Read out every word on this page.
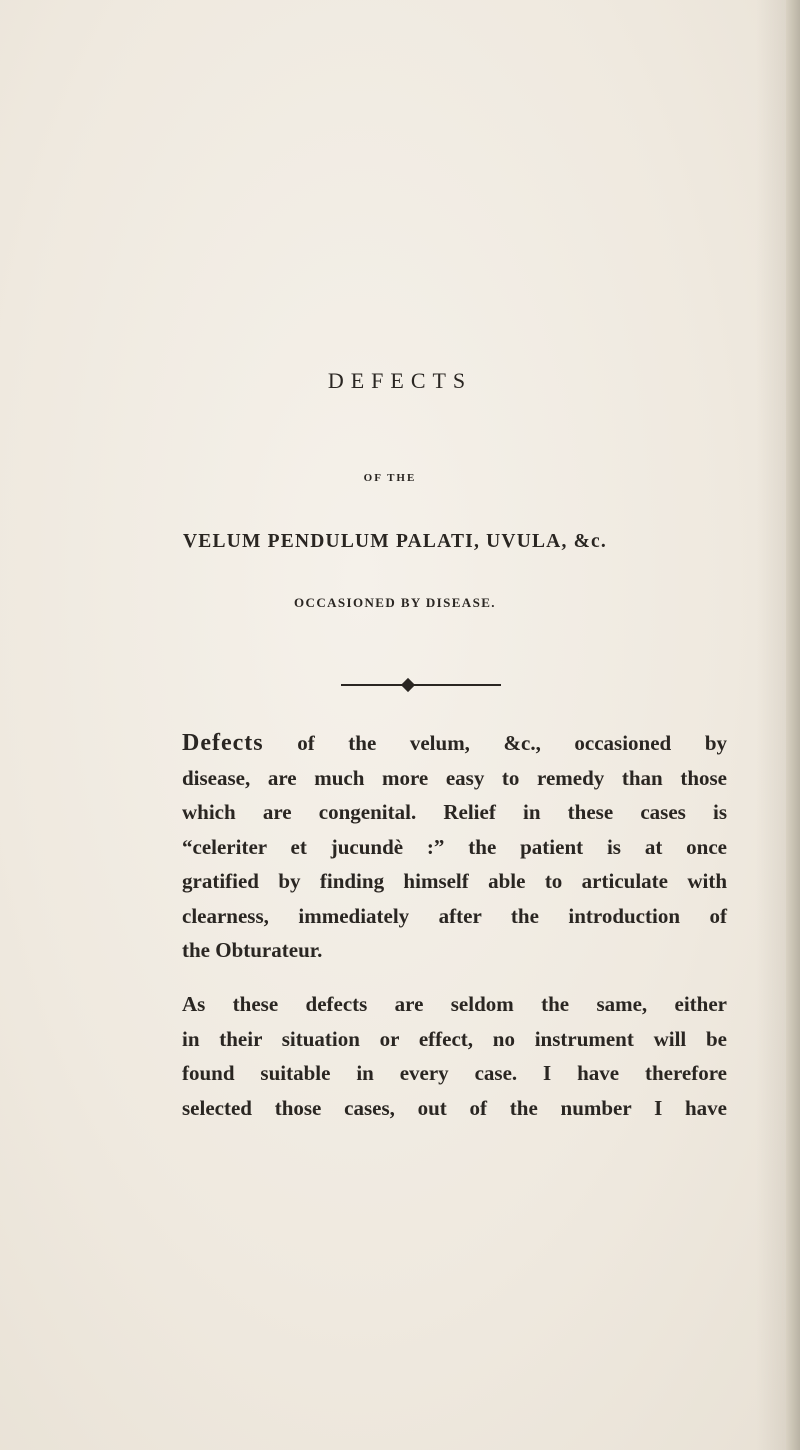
DEFECTS
OF THE
VELUM PENDULUM PALATI, UVULA, &c.
OCCASIONED BY DISEASE.
Defects of the velum, &c., occasioned by
disease, are much more easy to remedy than those
which are congenital. Relief in these cases is
“celeriter et jucundè :” the patient is at once
gratified by finding himself able to articulate with
clearness, immediately after the introduction of
the Obturateur.
As these defects are seldom the same, either
in their situation or effect, no instrument will be
found suitable in every case. I have therefore
selected those cases, out of the number I have
